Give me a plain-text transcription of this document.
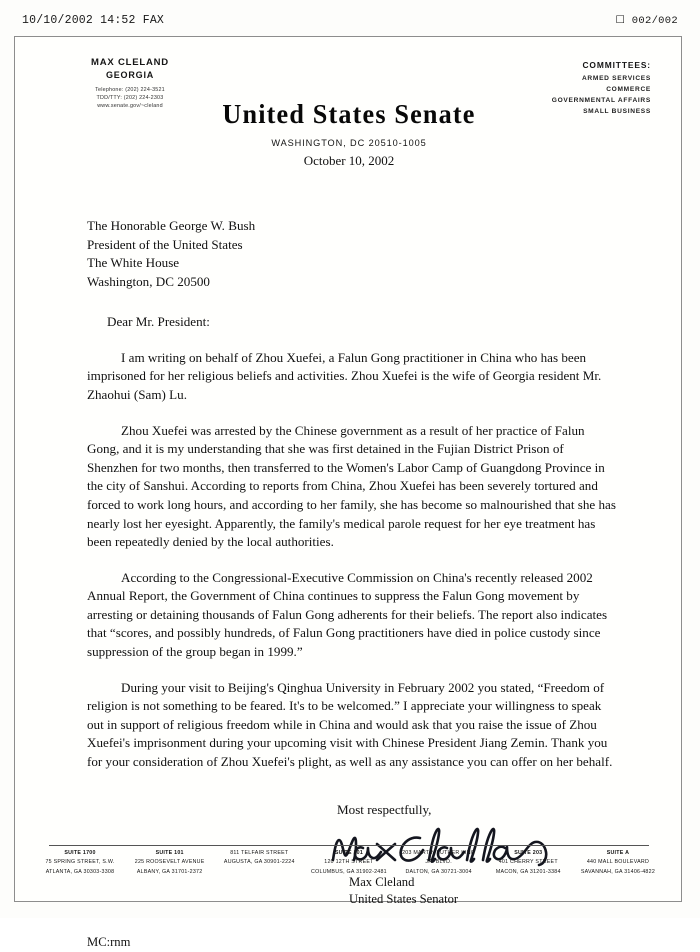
10/10/2002 14:52 FAX	☐ 002/002
MAX CLELAND
GEORGIA
Telephone: (202) 224-3521
TDD/TTY: (202) 224-2303
www.senate.gov/~cleland
COMMITTEES:
ARMED SERVICES
COMMERCE
GOVERNMENTAL AFFAIRS
SMALL BUSINESS
United States Senate
WASHINGTON, DC 20510-1005
October 10, 2002
The Honorable George W. Bush
President of the United States
The White House
Washington, DC 20500
Dear Mr. President:
I am writing on behalf of Zhou Xuefei, a Falun Gong practitioner in China who has been imprisoned for her religious beliefs and activities. Zhou Xuefei is the wife of Georgia resident Mr. Zhaohui (Sam) Lu.
Zhou Xuefei was arrested by the Chinese government as a result of her practice of Falun Gong, and it is my understanding that she was first detained in the Fujian District Prison of Shenzhen for two months, then transferred to the Women's Labor Camp of Guangdong Province in the city of Sanshui. According to reports from China, Zhou Xuefei has been severely tortured and forced to work long hours, and according to her family, she has become so malnourished that she has nearly lost her eyesight. Apparently, the family's medical parole request for her eye treatment has been repeatedly denied by the local authorities.
According to the Congressional-Executive Commission on China's recently released 2002 Annual Report, the Government of China continues to suppress the Falun Gong movement by arresting or detaining thousands of Falun Gong adherents for their beliefs. The report also indicates that “scores, and possibly hundreds, of Falun Gong practitioners have died in police custody since suppression of the group began in 1999.”
During your visit to Beijing's Qinghua University in February 2002 you stated, “Freedom of religion is not something to be feared. It's to be welcomed.” I appreciate your willingness to speak out in support of religious freedom while in China and would ask that you raise the issue of Zhou Xuefei's imprisonment during your upcoming visit with Chinese President Jiang Zemin. Thank you for your consideration of Zhou Xuefei's plight, as well as any assistance you can offer on her behalf.
Most respectfully,
Max Cleland
United States Senator
MC:rnm
SUITE 1700
75 SPRING STREET, S.W.
ATLANTA, GA 30303-3308
SUITE 101
225 ROOSEVELT AVENUE
ALBANY, GA 31701-2372
811 TELFAIR STREET
AUGUSTA, GA 30901-2224
SUITE 101
120 12TH STREET
COLUMBUS, GA 31902-2481
203 MARTIN LUTHER KING JR. BLVD.
DALTON, GA 30721-3004
SUITE 203
401 CHERRY STREET
MACON, GA 31201-3384
SUITE A
440 MALL BOULEVARD
SAVANNAH, GA 31406-4822
